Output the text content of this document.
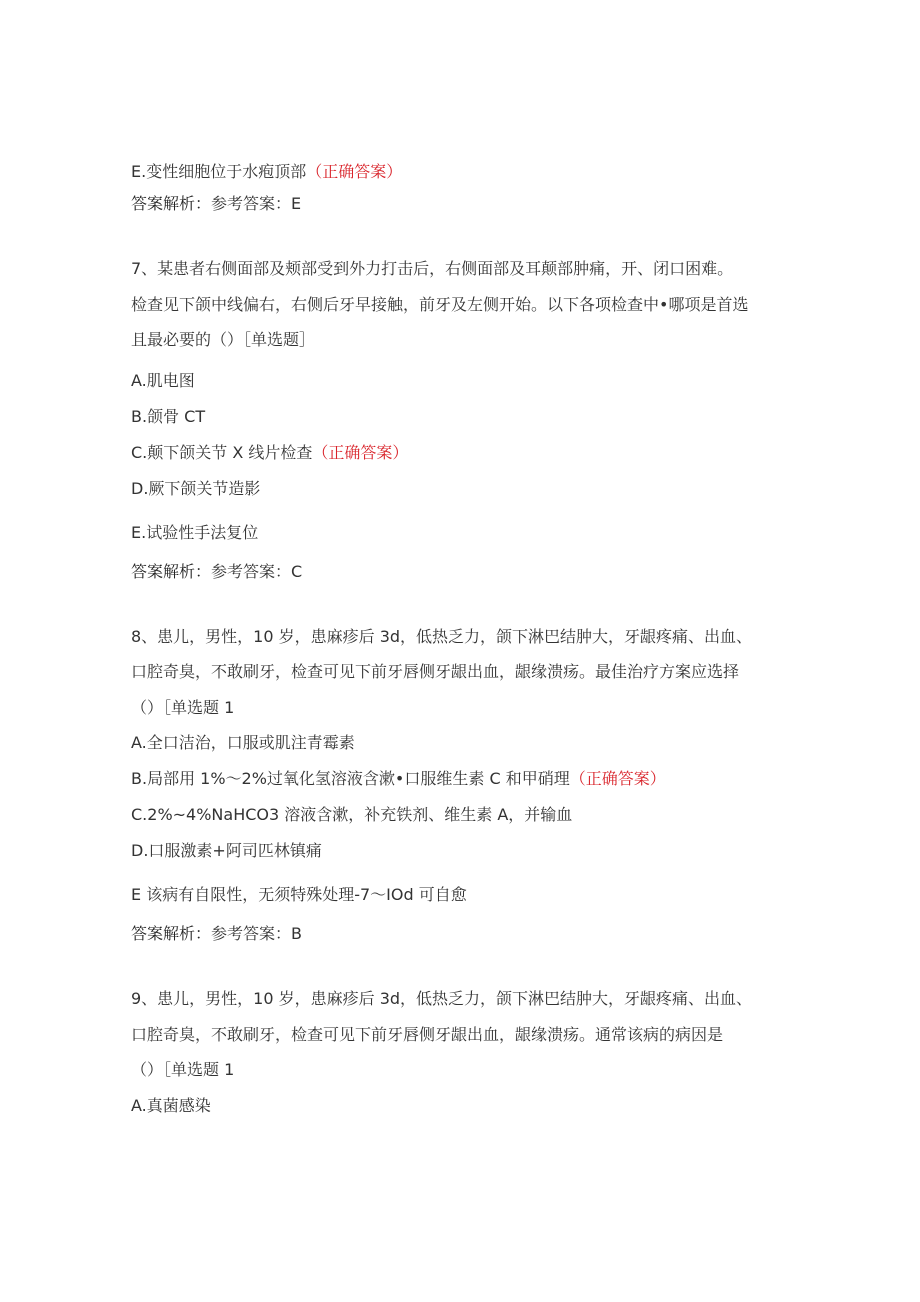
E.变性细胞位于水疱顶部（正确答案）
答案解析：参考答案：E
7、某患者右侧面部及颊部受到外力打击后，右侧面部及耳颠部肿痛，开、闭口困难。
检查见下颌中线偏右，右侧后牙早接触，前牙及左侧开始。以下各项检查中•哪项是首选
且最必要的（）［单选题］
A.肌电图
B.颌骨 CT
C.颠下颌关节 X 线片检查（正确答案）
D.厥下颌关节造影
E.试验性手法复位
答案解析：参考答案：C
8、患儿，男性，10 岁，患麻疹后 3d，低热乏力，颌下淋巴结肿大，牙龈疼痛、出血、
口腔奇臭，不敢刷牙，检查可见下前牙唇侧牙龈出血，龈缘溃疡。最佳治疗方案应选择
（）［单选题 1
A.全口洁治，口服或肌注青霉素
B.局部用 1%～2%过氧化氢溶液含漱•口服维生素 C 和甲硝理（正确答案）
C.2%~4%NaHCO3 溶液含漱，补充铁剂、维生素 A，并输血
D.口服激素+阿司匹林镇痛
E 该病有自限性，无须特殊处理-7～IOd 可自愈
答案解析：参考答案：B
9、患儿，男性，10 岁，患麻疹后 3d，低热乏力，颌下淋巴结肿大，牙龈疼痛、出血、
口腔奇臭，不敢刷牙，检查可见下前牙唇侧牙龈出血，龈缘溃疡。通常该病的病因是
（）［单选题 1
A.真菌感染
